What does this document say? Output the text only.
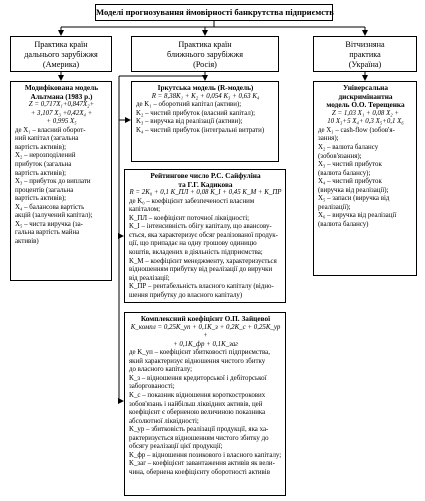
Моделі прогнозування ймовірності банкрутства підприємств
Практика країн
дальнього зарубіжжя
(Америка)
Практика країн
ближнього зарубіжжя
(Росія)
Вітчизняна
практика
(Україна)

Модифікована модель

Альтмана (1983 р.)

Z = 0,717X₁+0,847X₂+

+ 3,107 X₃ +0,42X₄ +

+ 0,995 X₅

де X₁ – власний оборот-

ний капітал (загальна

вартість активів);

X₂ – нерозподілений

прибуток (загальна

вартість активів);

X₃ – прибуток до виплати

процентів (загальна

вартість активів);

X₄ – балансова вартість

акцій (залучений капітал);

X₅ – чиста виручка (за-

гальна вартість майна

активів)

Іркутська модель (R-модель)
R = 8,38K₁ + K₂ + 0,054 K₃ + 0,63 K₄

де K₁ – оборотний капітал (активи);

K₂ – чистий прибуток (власний капітал);

K₃ – виручка від реалізації (активи);

K₄ – чистий прибуток (інтегральні витрати)

Рейтингове число Р.С. Сайфуліна

та Г.Г. Кадикова

R = 2K₀ + 0,1 K_ПЛ + 0,08 K_I + 0,45 K_M + K_ПР

де K₀ – коефіцієнт забезпеченості власним

капіталом;

K_ПЛ – коефіцієнт поточної ліквідності;

K_I – інтенсивність обігу капіталу, що авансову-

ється, яка характеризує обсяг реалізованої продук-

ції, що припадає на одну грошову одиницю

коштів, вкладених в діяльність підприємства;

K_M – коефіцієнт менеджменту, характеризується

відношенням прибутку від реалізації до виручки

від реалізації;

K_ПР – рентабельність власного капіталу (відно-

шення прибутку до власного капіталу)

Універсальна

дискримінантна

модель О.О. Терещенка

Z = 1,03 X₁ + 0,08 X₂ +

10 X₃+5 X₄+ 0,3 X₅+0,1 X₆

де X₁ – cash-flow (зобов'я-

зання);

X₂ – валюта балансу

(зобов'язання);

X₃ – чистий прибуток

(валюта балансу);

X₄ – чистий прибуток

(виручка від реалізації);

X₅ – запаси (виручка від

реалізації);

X₆ – виручка від реалізації

(валюта балансу)

Комплексний коефіцієнт О.П. Зайцевої

K_компл = 0,25K_уп + 0,1K_з + 0,2K_с + 0,25K_ур +

+ 0,1K_фр + 0,1K_заг

де K_уп – коефіцієнт збитковості підприємства,

який характеризує відношення чистого збитку

до власного капіталу;

K_з – відношення кредиторської і дебіторської

заборгованості;

K_с – показник відношення короткострокових

зобов'язань і найбільш ліквідних активів, цей

коефіцієнт є оберненою величиною показника

абсолютної ліквідності;

K_ур – збитковість реалізації продукції, яка ха-

рактеризується відношенням чистого збитку до

обсягу реалізації цієї продукції;

K_фр – відношення позикового і власного капіталу;

K_заг – коефіцієнт завантаження активів як вели-

чина, обернена коефіцієнту оборотності активів
